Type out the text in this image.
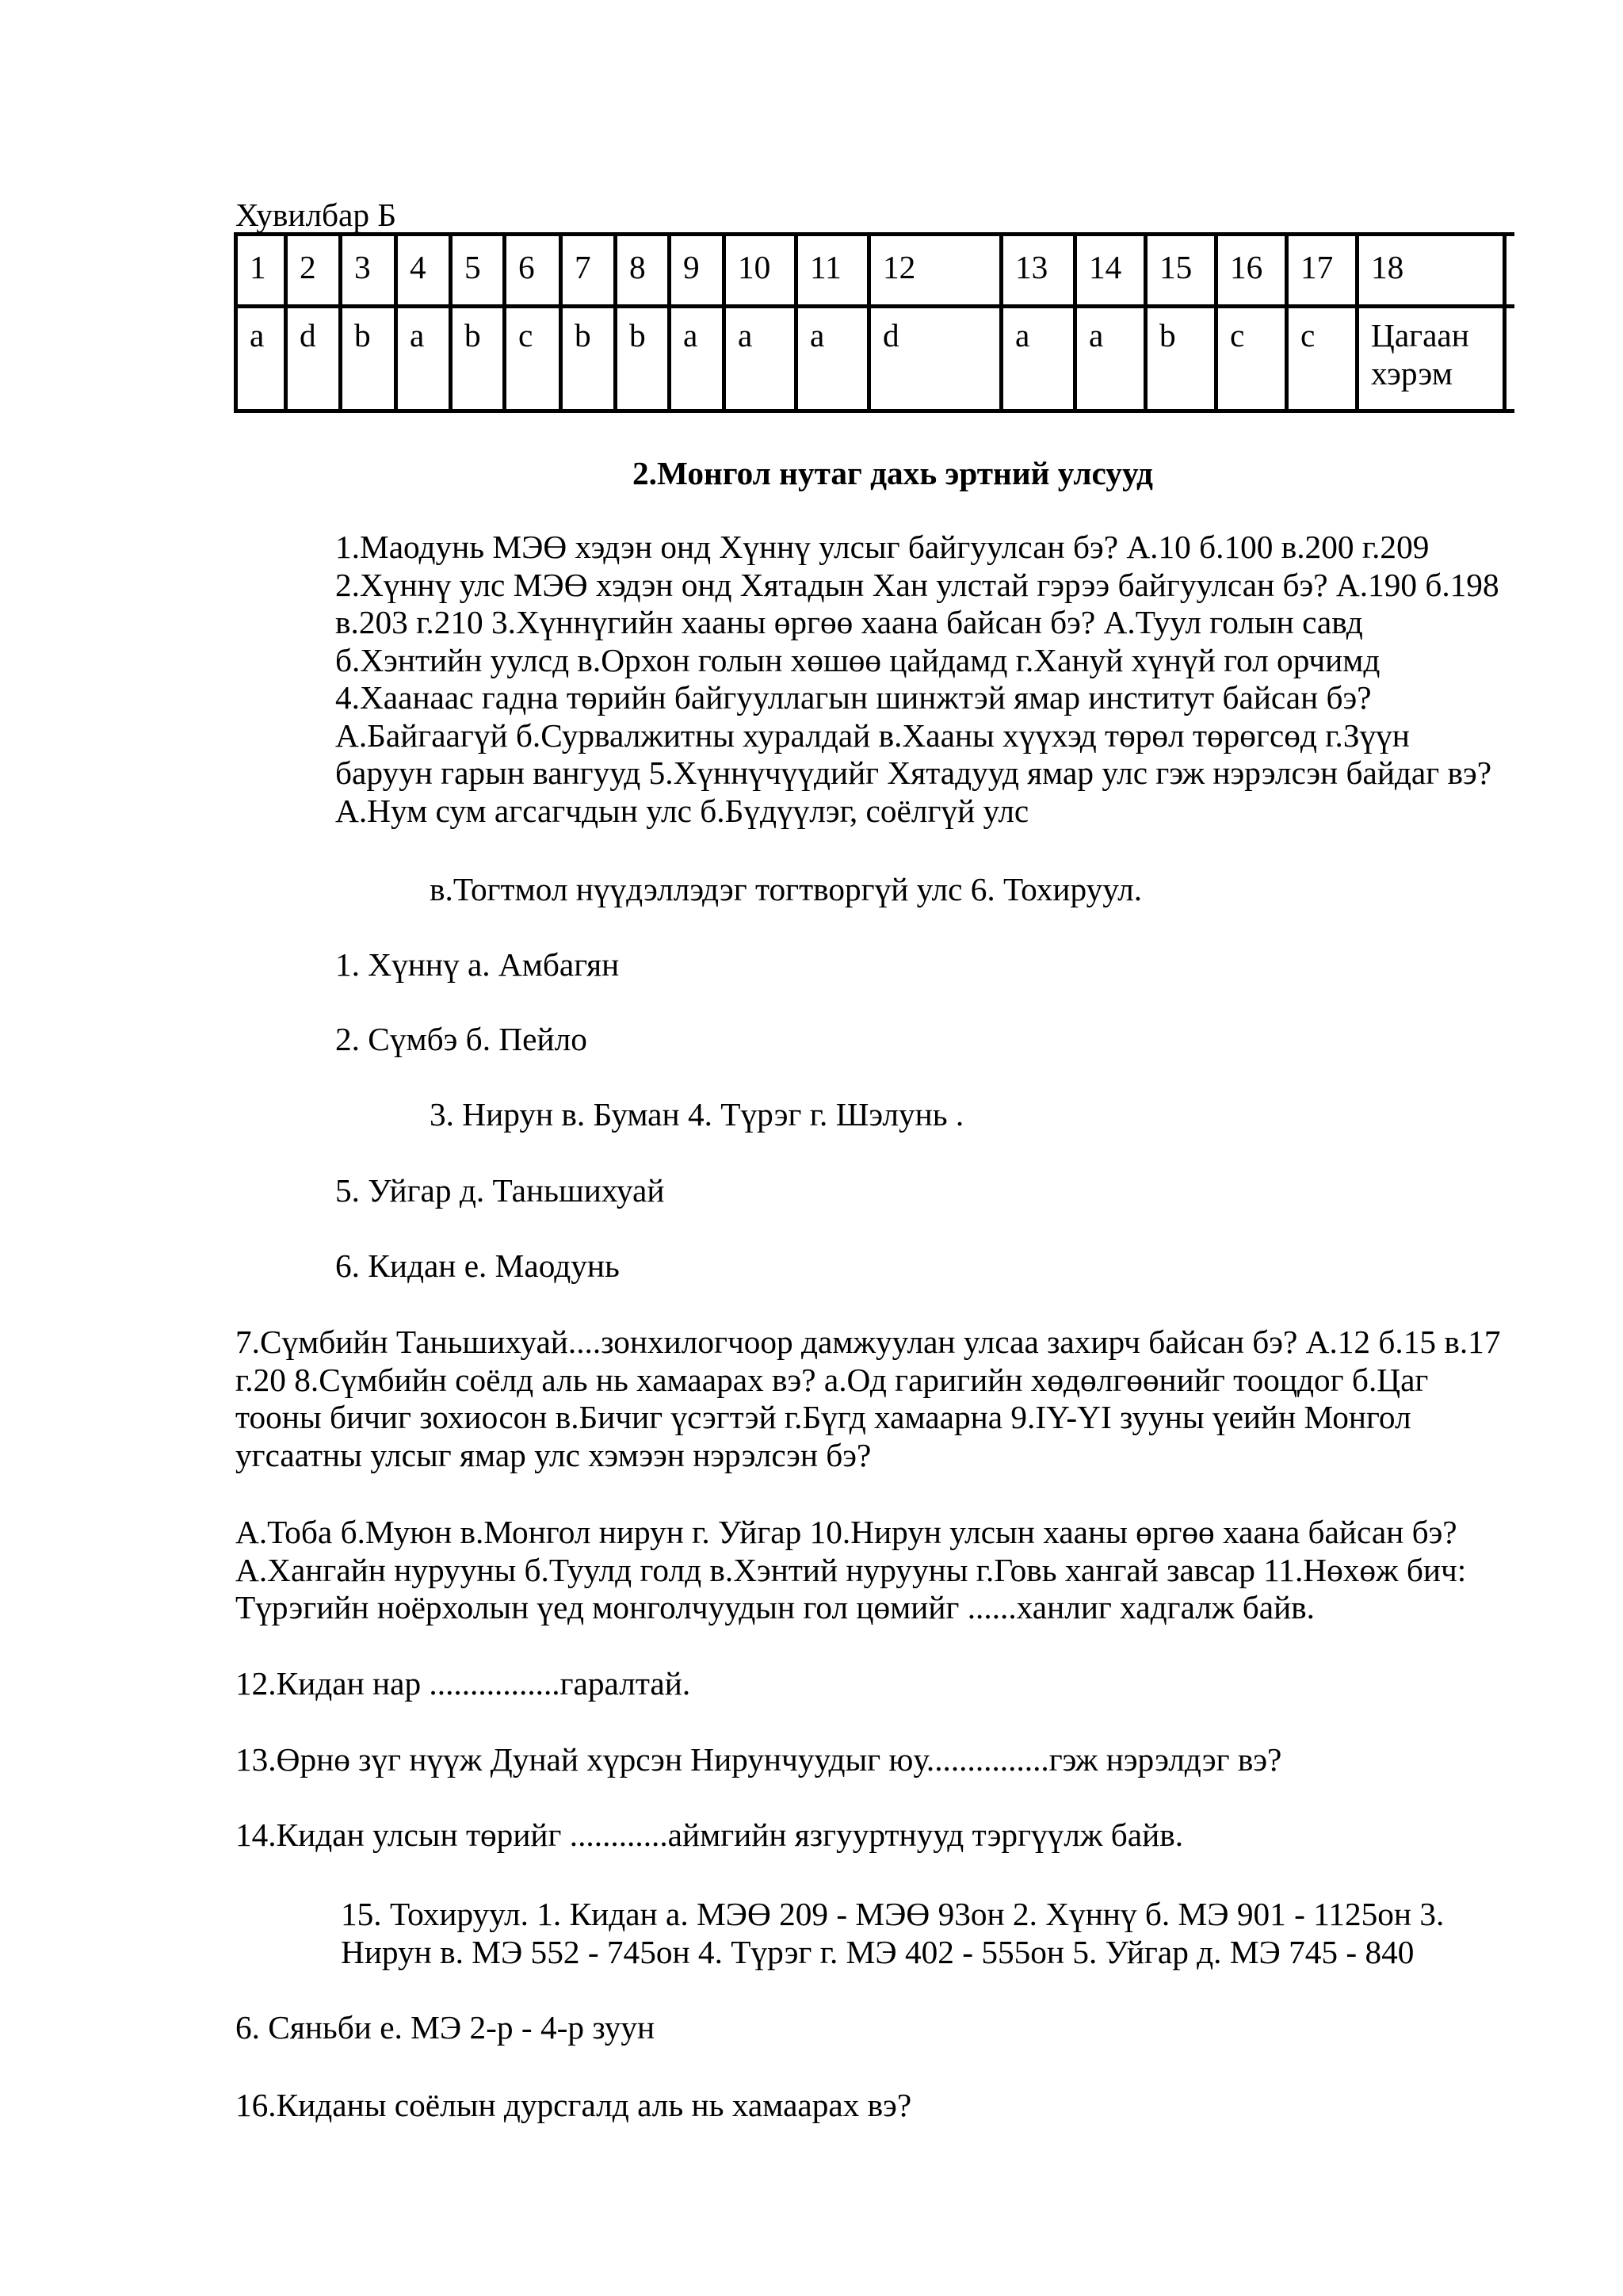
Хувилбар Б
1	2	3	4	5	6	7	8	9	10	11	12	13	14	15	16	17	18
a	d	b	a	b	c	b	b	a	a	a	d	a	a	b	c	c	Цагаан хэрэм
2.Монгол нутаг дахь эртний улсууд
1.Маодунь МЭӨ хэдэн онд Хүннү улсыг байгуулсан бэ? А.10 б.100 в.200 г.209
2.Хүннү улс МЭӨ хэдэн онд Хятадын Хан улстай гэрээ байгуулсан бэ? А.190 б.198
в.203 г.210 3.Хүннүгийн хааны өргөө хаана байсан бэ? А.Туул голын савд
б.Хэнтийн уулсд в.Орхон голын хөшөө цайдамд г.Хануй хүнүй гол орчимд
4.Хаанаас гадна төрийн байгууллагын шинжтэй ямар институт байсан бэ?
А.Байгаагүй б.Сурвалжитны хуралдай в.Хааны хүүхэд төрөл төрөгсөд г.Зүүн
баруун гарын вангууд 5.Хүннүчүүдийг Хятадууд ямар улс гэж нэрэлсэн байдаг вэ?
А.Нум сум агсагчдын улс б.Бүдүүлэг, соёлгүй улс
в.Тогтмол нүүдэллэдэг тогтворгүй улс 6. Тохируул.
1. Хүннү а. Амбагян
2. Сүмбэ б. Пейло
3. Нирун в. Буман 4. Түрэг г. Шэлунь .
5. Уйгар д. Таньшихуай
6. Кидан е. Маодунь
7.Сүмбийн Таньшихуай....зонхилогчоор дамжуулан улсаа захирч байсан бэ? А.12 б.15 в.17
г.20 8.Сүмбийн соёлд аль нь хамаарах вэ? а.Од гаригийн хөдөлгөөнийг тооцдог б.Цаг
тооны бичиг зохиосон в.Бичиг үсэгтэй г.Бүгд хамаарна 9.IY-YI зууны үеийн Монгол
угсаатны улсыг ямар улс хэмээн нэрэлсэн бэ?
А.Тоба б.Муюн в.Монгол нирун г. Уйгар 10.Нирун улсын хааны өргөө хаана байсан бэ?
А.Хангайн нурууны б.Туулд голд в.Хэнтий нурууны г.Говь хангай завсар 11.Нөхөж бич:
Түрэгийн ноёрхолын үед монголчуудын гол цөмийг ......ханлиг хадгалж байв.
12.Кидан нар ................гаралтай.
13.Өрнө зүг нүүж Дунай хүрсэн Нирунчуудыг юу...............гэж нэрэлдэг вэ?
14.Кидан улсын төрийг ............аймгийн язгууртнууд тэргүүлж байв.
15. Тохируул. 1. Кидан а. МЭӨ 209 - МЭӨ 93он 2. Хүннү б. МЭ 901 - 1125он 3.
Нирун в. МЭ 552 - 745он 4. Түрэг г. МЭ 402 - 555он 5. Уйгар д. МЭ 745 - 840
6. Сяньби е. МЭ 2-р - 4-р зуун
16.Киданы соёлын дурсгалд аль нь хамаарах вэ?
